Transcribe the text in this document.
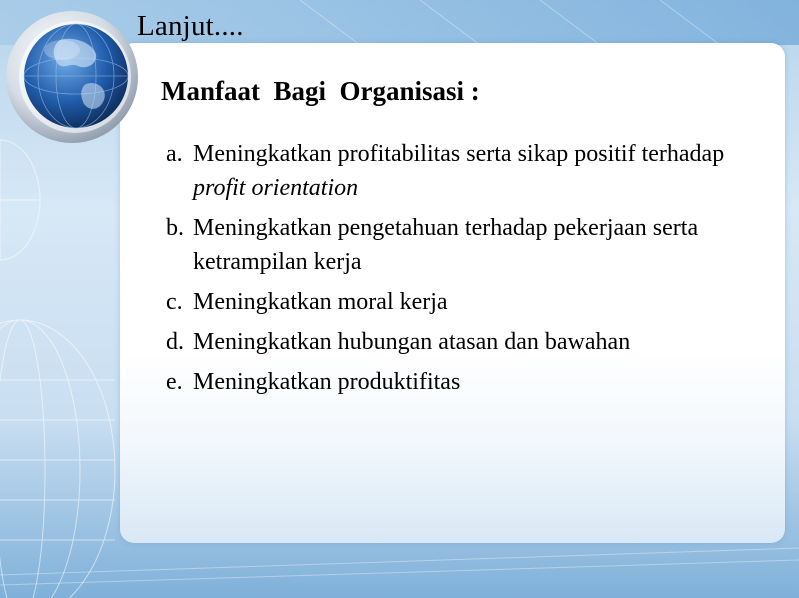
Lanjut....
Manfaat  Bagi  Organisasi :
a. Meningkatkan profitabilitas serta sikap positif terhadap profit orientation
b. Meningkatkan pengetahuan terhadap pekerjaan serta ketrampilan kerja
c. Meningkatkan moral kerja
d. Meningkatkan hubungan atasan dan bawahan
e. Meningkatkan produktifitas
